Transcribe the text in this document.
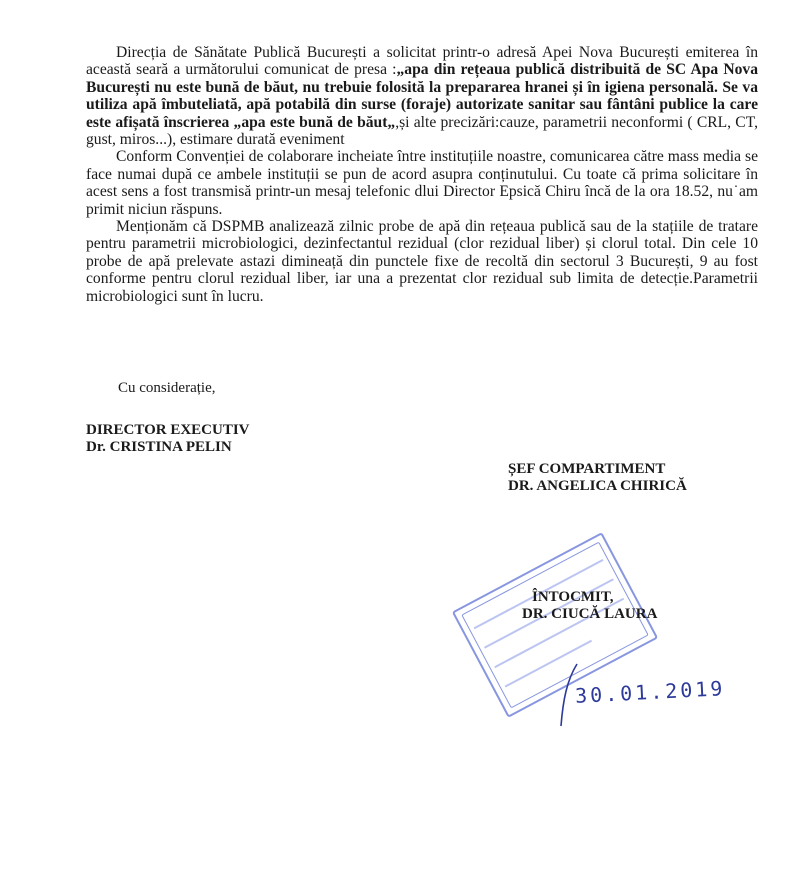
Direcția de Sănătate Publică București a solicitat printr-o adresă Apei Nova București emiterea în această seară a următorului comunicat de presa :„apa din rețeaua publică distribuită de SC Apa Nova București nu este bună de băut, nu trebuie folosită la prepararea hranei și în igiena personală. Se va utiliza apă îmbuteliată, apă potabilă din surse (foraje) autorizate sanitar sau fântâni publice la care este afișată înscrierea „apa este bună de băut„,și alte precizări:cauze, parametrii neconformi ( CRL, CT, gust, miros...), estimare durată eveniment

Conform Convenției de colaborare incheiate între instituțiile noastre, comunicarea către mass media se face numai după ce ambele instituții se pun de acord asupra conținutului. Cu toate că prima solicitare în acest sens a fost transmisă printr-un mesaj telefonic dlui Director Epsică Chiru încă de la ora 18.52, nu˙am primit niciun răspuns.

Menționăm că DSPMB analizează zilnic probe de apă din rețeaua publică sau de la stațiile de tratare pentru parametrii microbiologici, dezinfectantul rezidual (clor rezidual liber) și clorul total. Din cele 10 probe de apă prelevate astazi dimineață din punctele fixe de recoltă din sectorul 3 București, 9 au fost conforme pentru clorul rezidual liber, iar una a prezentat clor rezidual sub limita de detecție.Parametrii microbiologici sunt în lucru.

Cu considerație,
DIRECTOR EXECUTIV
Dr. CRISTINA PELIN
ȘEF COMPARTIMENT
DR. ANGELICA CHIRICĂ
ÎNTOCMIT,
DR. CIUCĂ LAURA
30.01.2019
